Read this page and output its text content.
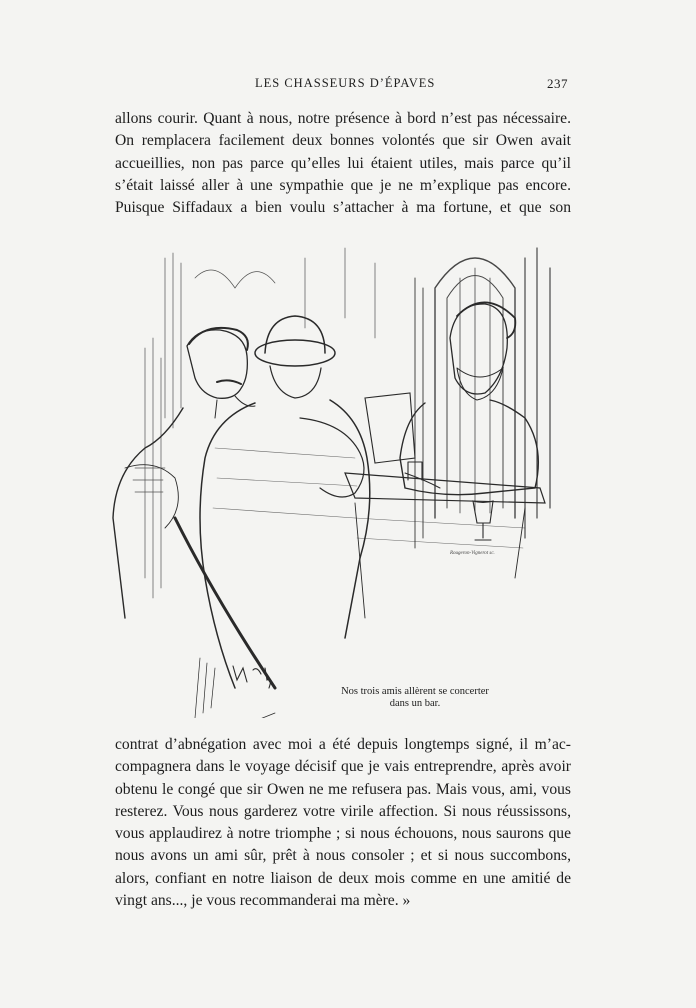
LES CHASSEURS D’ÉPAVES	237
allons courir. Quant à nous, notre présence à bord n’est pas nécessaire.
On remplacera facilement deux bonnes volontés que sir Owen avait
accueillies, non pas parce qu’elles lui étaient utiles, mais parce qu’il
s’était laissé aller à une sympathie que je ne m’explique pas encore.
Puisque Siffadaux a bien voulu s’attacher à ma fortune, et que son
Rougeron-Vignerot sc.
Nos trois amis allèrent se concerter
dans un bar.
contrat d’abnégation avec moi a été depuis longtemps signé, il m’ac-
compagnera dans le voyage décisif que je vais entreprendre, après avoir
obtenu le congé que sir Owen ne me refusera pas. Mais vous, ami, vous
resterez. Vous nous garderez votre virile affection. Si nous réussissons,
vous applaudirez à notre triomphe ; si nous échouons, nous saurons que
nous avons un ami sûr, prêt à nous consoler ; et si nous succombons,
alors, confiant en notre liaison de deux mois comme en une amitié de
vingt ans..., je vous recommanderai ma mère. »
